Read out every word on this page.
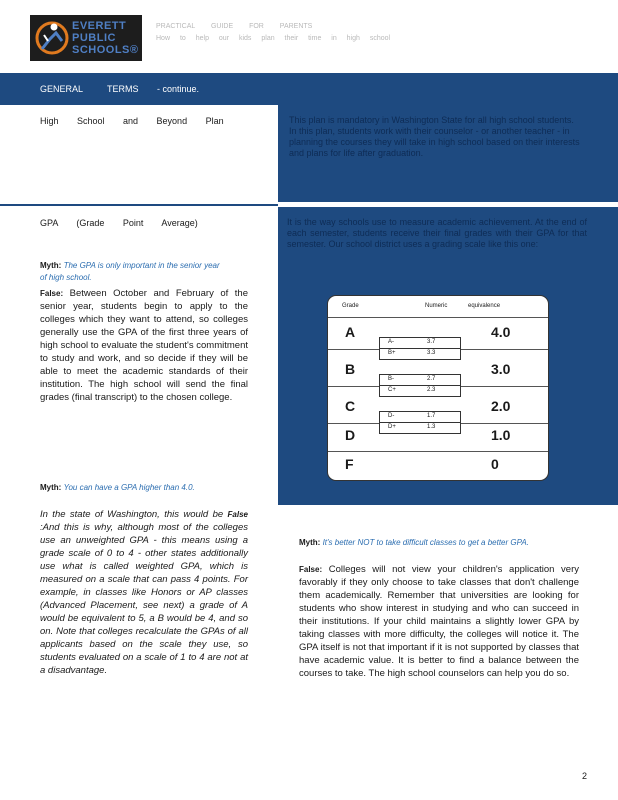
EVERETT
PUBLIC
SCHOOLS®
PRACTICAL GUIDE FOR PARENTS
How to help our kids plan their time in high school
GENERAL	TERMS - continue.
High School and Beyond Plan	This plan is mandatory in Washington State for all high school students.
In this plan, students work with their counselor - or another teacher - in planning the courses they will take in high school based on their interests and plans for life after graduation.
GPA (Grade Point Average)	It is the way schools use to measure academic achievement. At the end of each semester, students receive their final grades with their GPA for that semester. Our school district uses a grading scale like this one:
Grade	Numeric	equivalence
A	4.0
B	3.0
C	2.0
D	1.0
F	0
A-	3.7
B+	3.3
B-	2.7
C+	2.3
D-	1.7
D+	1.3
Myth: The GPA is only important in the senior year of high school.
False: Between October and February of the senior year, students begin to apply to the colleges which they want to attend, so colleges generally use the GPA of the first three years of high school to evaluate the student's commitment to study and work, and so decide if they will be able to meet the academic standards of their institution. The high school will send the final grades (final transcript) to the chosen college.
Myth: You can have a GPA higher than 4.0.
In the state of Washington, this would be False :And this is why, although most of the colleges use an unweighted GPA - this means using a grade scale of 0 to 4 - other states additionally use what is called weighted GPA, which is measured on a scale that can pass 4 points. For example, in classes like Honors or AP classes (Advanced Placement, see next) a grade of A would be equivalent to 5, a B would be 4, and so on. Note that colleges recalculate the GPAs of all applicants based on the scale they use, so students evaluated on a scale of 1 to 4 are not at a disadvantage.
Myth: It's better NOT to take difficult classes to get a better GPA.
False: Colleges will not view your children's application very favorably if they only choose to take classes that don't challenge them academically. Remember that universities are looking for students who show interest in studying and who can succeed in their institutions. If your child maintains a slightly lower GPA by taking classes with more difficulty, the colleges will notice it. The GPA itself is not that important if it is not supported by classes that have academic value. It is better to find a balance between the courses to take. The high school counselors can help you do so.
2
